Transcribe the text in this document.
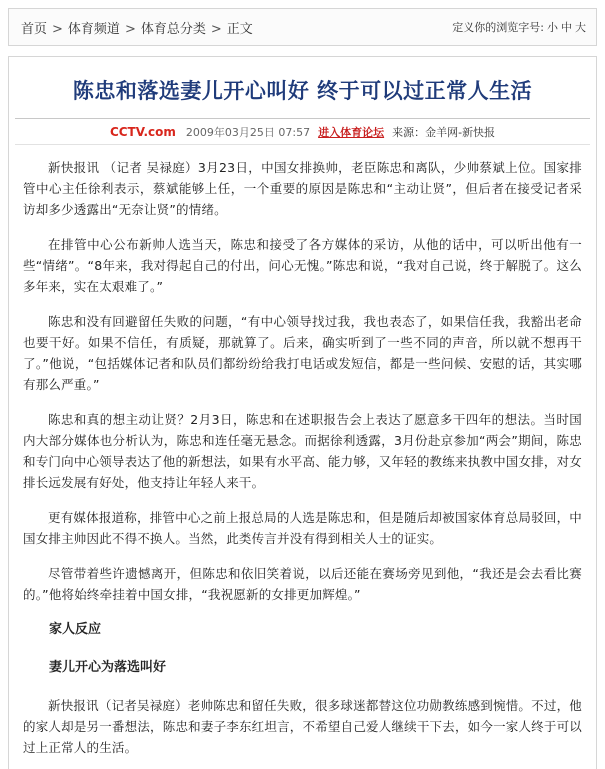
首页 > 体育频道 > 体育总分类 > 正文	定义你的浏览字号: 小 中 大
陈忠和落选妻儿开心叫好 终于可以过正常人生活
CCTV.com 2009年03月25日 07:57 进入体育论坛 来源：金羊网-新快报

新快报讯 （记者 吴禄庭）3月23日，中国女排换帅，老臣陈忠和离队，少帅蔡斌上位。国家排管中心主任徐利表示，蔡斌能够上任，一个重要的原因是陈忠和“主动让贤”，但后者在接受记者采访却多少透露出“无奈让贤”的情绪。

在排管中心公布新帅人选当天，陈忠和接受了各方媒体的采访，从他的话中，可以听出他有一些“情绪”。“8年来，我对得起自己的付出，问心无愧。”陈忠和说，“我对自己说，终于解脱了。这么多年来，实在太艰难了。”

陈忠和没有回避留任失败的问题，“有中心领导找过我，我也表态了，如果信任我，我豁出老命也要干好。如果不信任，有质疑，那就算了。后来，确实听到了一些不同的声音，所以就不想再干了。”他说，“包括媒体记者和队员们都纷纷给我打电话或发短信，都是一些问候、安慰的话，其实哪有那么严重。”

陈忠和真的想主动让贤？2月3日，陈忠和在述职报告会上表达了愿意多干四年的想法。当时国内大部分媒体也分析认为，陈忠和连任毫无悬念。而据徐利透露，3月份赴京参加“两会”期间，陈忠和专门向中心领导表达了他的新想法，如果有水平高、能力够，又年轻的教练来执教中国女排，对女排长远发展有好处，他支持让年轻人来干。

更有媒体报道称，排管中心之前上报总局的人选是陈忠和，但是随后却被国家体育总局驳回，中国女排主帅因此不得不换人。当然，此类传言并没有得到相关人士的证实。

尽管带着些许遗憾离开，但陈忠和依旧笑着说，以后还能在赛场旁见到他，“我还是会去看比赛的。”他将始终牵挂着中国女排，“我祝愿新的女排更加辉煌。”

家人反应
妻儿开心为落选叫好

新快报讯（记者吴禄庭）老帅陈忠和留任失败，很多球迷都替这位功勋教练感到惋惜。不过，他的家人却是另一番想法，陈忠和妻子李东红坦言，不希望自己爱人继续干下去，如今一家人终于可以过上正常人的生活。
